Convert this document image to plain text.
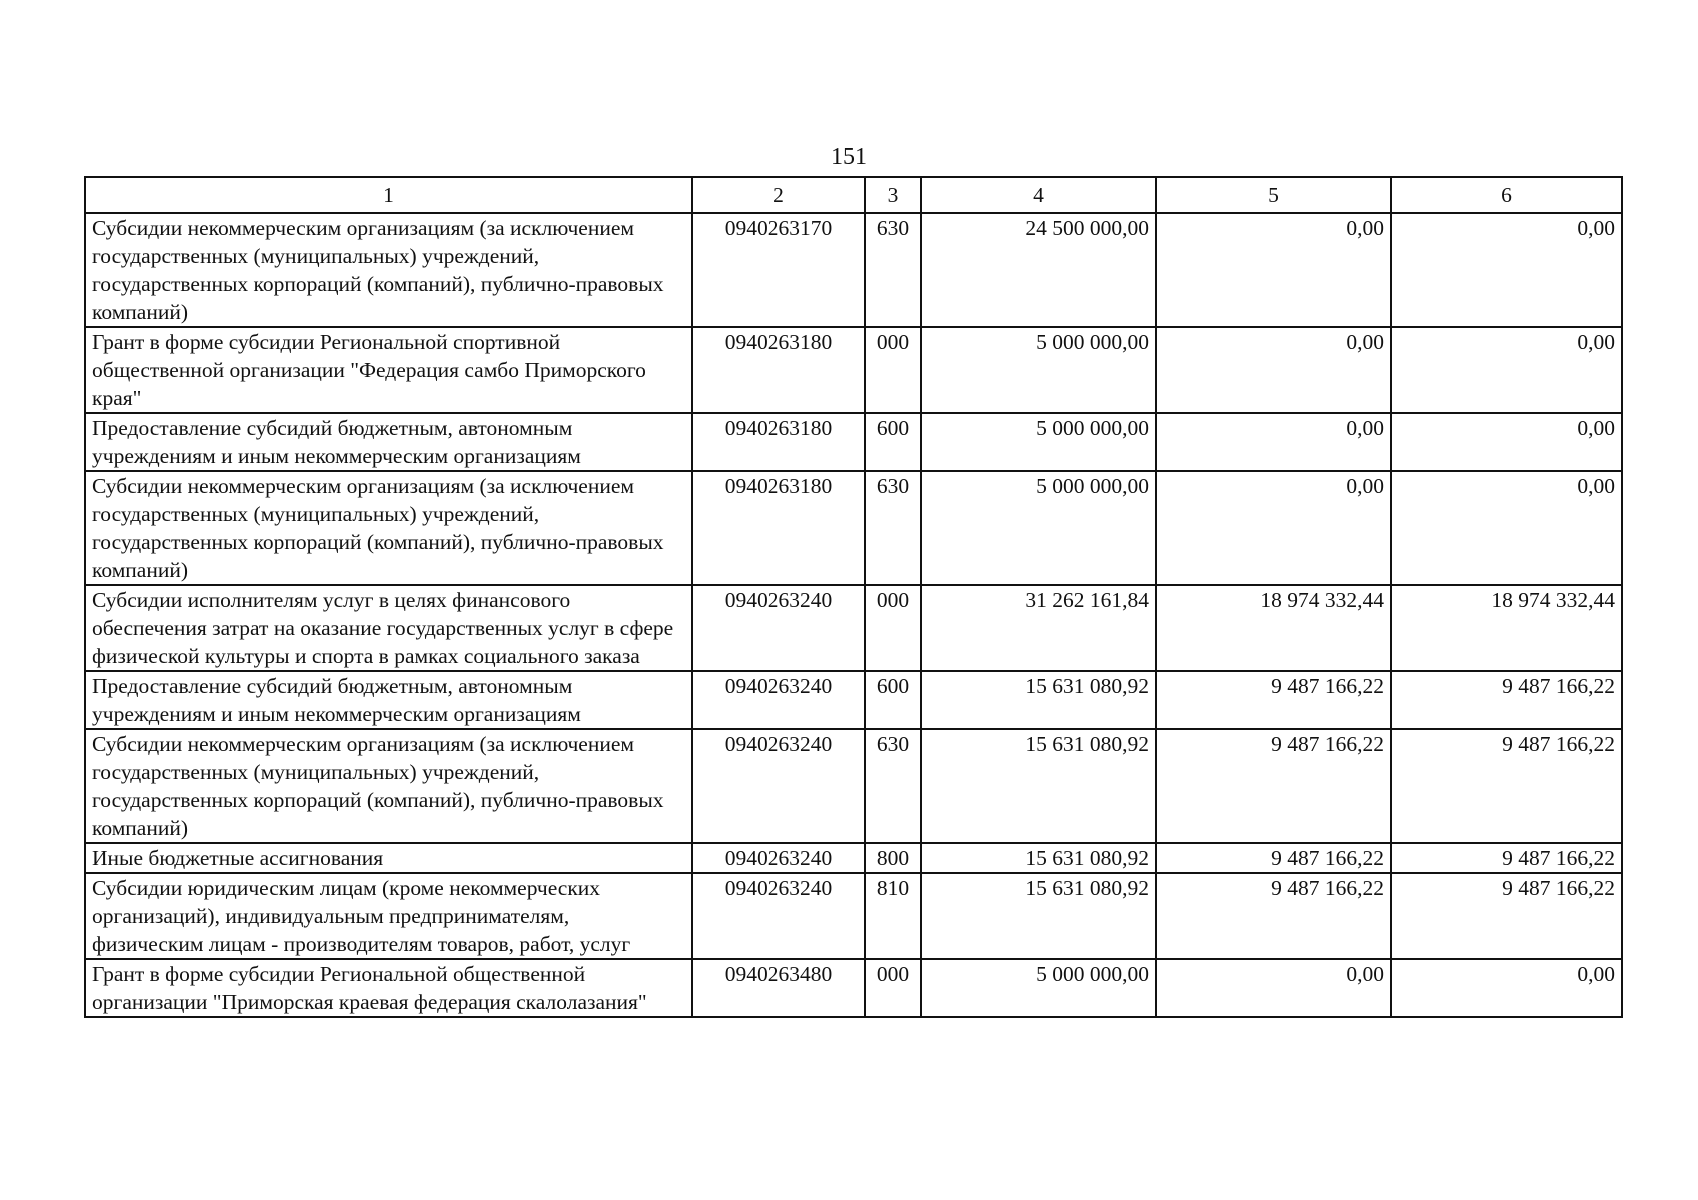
151
1	2	3	4	5	6
Субсидии некоммерческим организациям (за исключением государственных (муниципальных) учреждений, государственных корпораций (компаний), публично-правовых компаний)	0940263170	630	24 500 000,00	0,00	0,00
Грант в форме субсидии Региональной спортивной общественной организации "Федерация самбо Приморского края"	0940263180	000	5 000 000,00	0,00	0,00
Предоставление субсидий бюджетным, автономным учреждениям и иным некоммерческим организациям	0940263180	600	5 000 000,00	0,00	0,00
Субсидии некоммерческим организациям (за исключением государственных (муниципальных) учреждений, государственных корпораций (компаний), публично-правовых компаний)	0940263180	630	5 000 000,00	0,00	0,00
Субсидии исполнителям услуг в целях финансового обеспечения затрат на оказание государственных услуг в сфере физической культуры и спорта в рамках социального заказа	0940263240	000	31 262 161,84	18 974 332,44	18 974 332,44
Предоставление субсидий бюджетным, автономным учреждениям и иным некоммерческим организациям	0940263240	600	15 631 080,92	9 487 166,22	9 487 166,22
Субсидии некоммерческим организациям (за исключением государственных (муниципальных) учреждений, государственных корпораций (компаний), публично-правовых компаний)	0940263240	630	15 631 080,92	9 487 166,22	9 487 166,22
Иные бюджетные ассигнования	0940263240	800	15 631 080,92	9 487 166,22	9 487 166,22
Субсидии юридическим лицам (кроме некоммерческих организаций), индивидуальным предпринимателям, физическим лицам - производителям товаров, работ, услуг	0940263240	810	15 631 080,92	9 487 166,22	9 487 166,22
Грант в форме субсидии Региональной общественной организации "Приморская краевая федерация скалолазания"	0940263480	000	5 000 000,00	0,00	0,00
